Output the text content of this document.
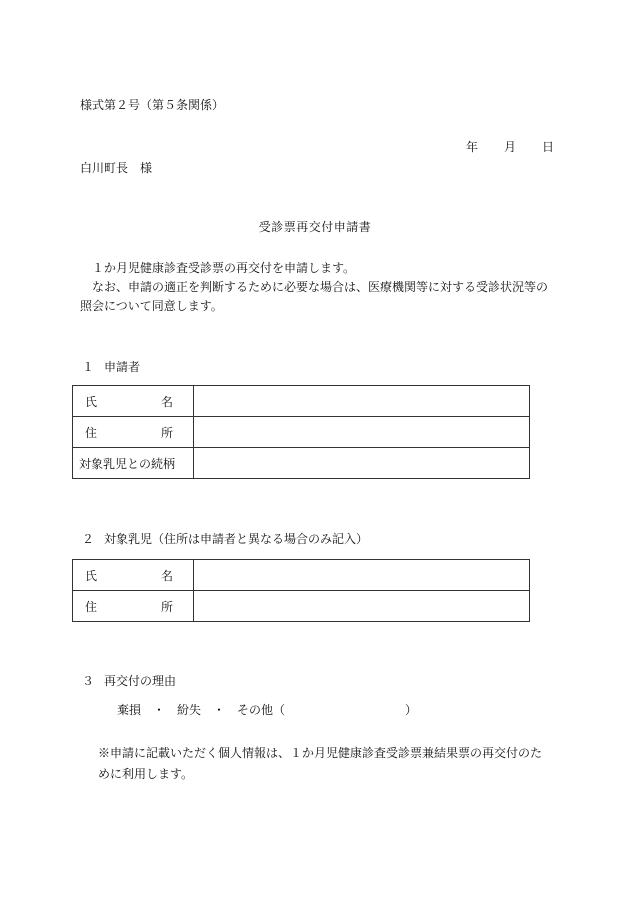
様式第２号（第５条関係）
年 月 日
白川町長　様
受診票再交付申請書
１か月児健康診査受診票の再交付を申請します。
なお、申請の適正を判断するために必要な場合は、医療機関等に対する受診状況等の
照会について同意します。
１ 申請者
氏 名	

住 所	

対象乳児との続柄	
２ 対象乳児（住所は申請者と異なる場合のみ記入）
氏 名	

住 所	

３ 再交付の理由
棄損 ・ 紛失 ・ その他（	）
※申請に記載いただく個人情報は、１か月児健康診査受診票兼結果票の再交付のた
めに利用します。
